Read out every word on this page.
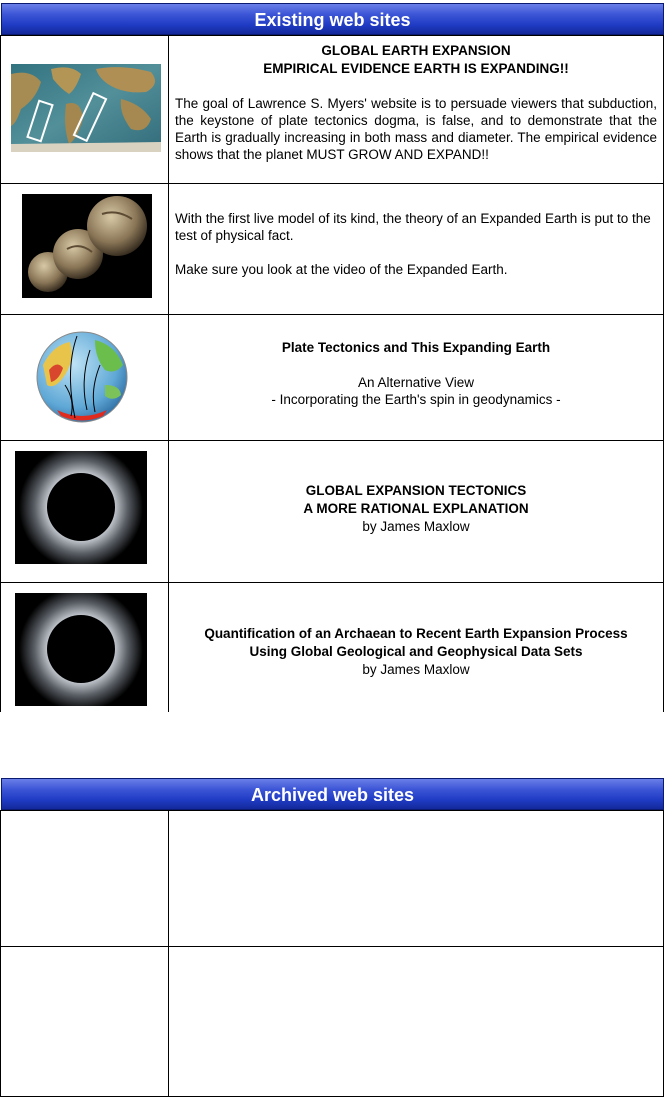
Existing web sites
GLOBAL EARTH EXPANSION
EMPIRICAL EVIDENCE EARTH IS EXPANDING!!
The goal of Lawrence S. Myers' website is to persuade viewers that subduction, the keystone of plate tectonics dogma, is false, and to demonstrate that the Earth is gradually increasing in both mass and diameter. The empirical evidence shows that the planet MUST GROW AND EXPAND!!
With the first live model of its kind, the theory of an Expanded Earth is put to the test of physical fact.
Make sure you look at the video of the Expanded Earth.
Plate Tectonics and This Expanding Earth
An Alternative View
- Incorporating the Earth's spin in geodynamics -
GLOBAL EXPANSION TECTONICS
A MORE RATIONAL EXPLANATION
by James Maxlow
Quantification of an Archaean to Recent Earth Expansion Process
Using Global Geological and Geophysical Data Sets
by James Maxlow
Archived web sites
